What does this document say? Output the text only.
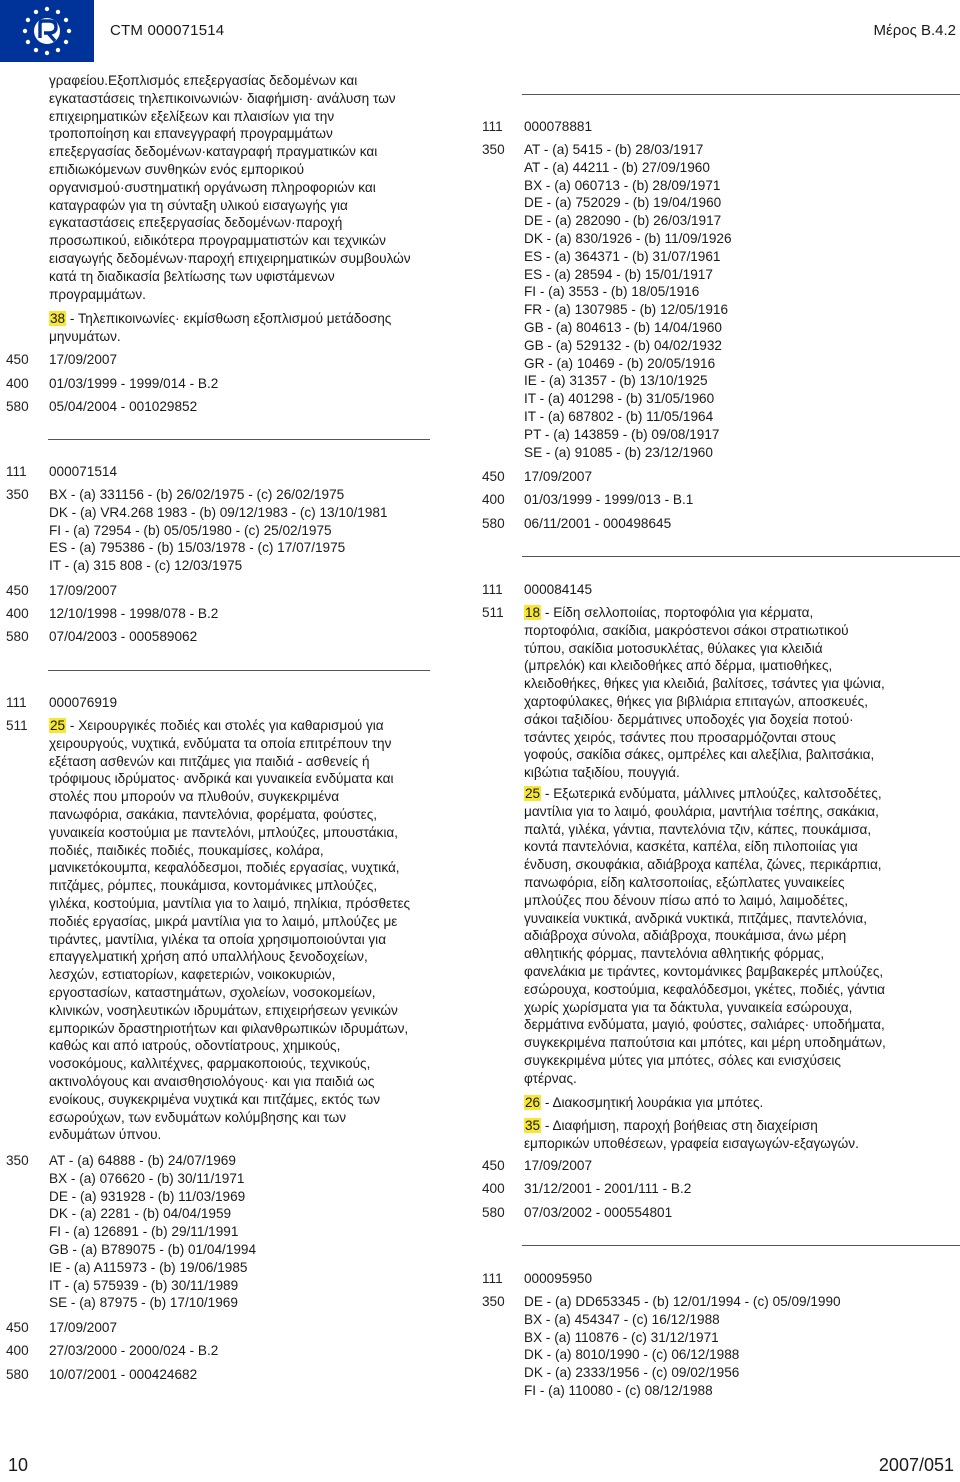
CTM 000071514	Μέρος B.4.2
γραφείου.Εξοπλισμός επεξεργασίας δεδομένων και
εγκαταστάσεις τηλεπικοινωνιών· διαφήμιση· ανάλυση των
επιχειρηματικών εξελίξεων και πλαισίων για την
τροποποίηση και επανεγγραφή προγραμμάτων
επεξεργασίας δεδομένων·καταγραφή πραγματικών και
επιδιωκόμενων συνθηκών ενός εμπορικού
οργανισμού·συστηματική οργάνωση πληροφοριών και
καταγραφών για τη σύνταξη υλικού εισαγωγής για
εγκαταστάσεις επεξεργασίας δεδομένων·παροχή
προσωπικού, ειδικότερα προγραμματιστών και τεχνικών
εισαγωγής δεδομένων·παροχή επιχειρηματικών συμβουλών
κατά τη διαδικασία βελτίωσης των υφιστάμενων
προγραμμάτων.
38 - Τηλεπικοινωνίες· εκμίσθωση εξοπλισμού μετάδοσης
μηνυμάτων.
450 17/09/2007
400 01/03/1999 - 1999/014 - B.2
580 05/04/2004 - 001029852
111 000071514
350 BX - (a) 331156 - (b) 26/02/1975 - (c) 26/02/1975
DK - (a) VR4.268 1983 - (b) 09/12/1983 - (c) 13/10/1981
FI - (a) 72954 - (b) 05/05/1980 - (c) 25/02/1975
ES - (a) 795386 - (b) 15/03/1978 - (c) 17/07/1975
IT - (a) 315 808 - (c) 12/03/1975
450 17/09/2007
400 12/10/1998 - 1998/078 - B.2
580 07/04/2003 - 000589062
111 000076919
511 25 - Χειρουργικές ποδιές και στολές για καθαρισμού για
χειρουργούς, νυχτικά, ενδύματα τα οποία επιτρέπουν την
εξέταση ασθενών και πιτζάμες για παιδιά - ασθενείς ή
τρόφιμους ιδρύματος· ανδρικά και γυναικεία ενδύματα και
στολές που μπορούν να πλυθούν, συγκεκριμένα
πανωφόρια, σακάκια, παντελόνια, φορέματα, φούστες,
γυναικεία κοστούμια με παντελόνι, μπλούζες, μπουστάκια,
ποδιές, παιδικές ποδιές, πουκαμίσες, κολάρα,
μανικετόκουμπα, κεφαλόδεσμοι, ποδιές εργασίας, νυχτικά,
πιτζάμες, ρόμπες, πουκάμισα, κοντομάνικες μπλούζες,
γιλέκα, κοστούμια, μαντίλια για το λαιμό, πηλίκια, πρόσθετες
ποδιές εργασίας, μικρά μαντίλια για το λαιμό, μπλούζες με
τιράντες, μαντίλια, γιλέκα τα οποία χρησιμοποιούνται για
επαγγελματική χρήση από υπαλλήλους ξενοδοχείων,
λεσχών, εστιατορίων, καφετεριών, νοικοκυριών,
εργοστασίων, καταστημάτων, σχολείων, νοσοκομείων,
κλινικών, νοσηλευτικών ιδρυμάτων, επιχειρήσεων γενικών
εμπορικών δραστηριοτήτων και φιλανθρωπικών ιδρυμάτων,
καθώς και από ιατρούς, οδοντίατρους, χημικούς,
νοσοκόμους, καλλιτέχνες, φαρμακοποιούς, τεχνικούς,
ακτινολόγους και αναισθησιολόγους· και για παιδιά ως
ενοίκους, συγκεκριμένα νυχτικά και πιτζάμες, εκτός των
εσωρούχων, των ενδυμάτων κολύμβησης και των
ενδυμάτων ύπνου.
350 AT - (a) 64888 - (b) 24/07/1969
BX - (a) 076620 - (b) 30/11/1971
DE - (a) 931928 - (b) 11/03/1969
DK - (a) 2281 - (b) 04/04/1959
FI - (a) 126891 - (b) 29/11/1991
GB - (a) B789075 - (b) 01/04/1994
IE - (a) A115973 - (b) 19/06/1985
IT - (a) 575939 - (b) 30/11/1989
SE - (a) 87975 - (b) 17/10/1969
450 17/09/2007
400 27/03/2000 - 2000/024 - B.2
580 10/07/2001 - 000424682
111 000078881
350 AT - (a) 5415 - (b) 28/03/1917
AT - (a) 44211 - (b) 27/09/1960
BX - (a) 060713 - (b) 28/09/1971
DE - (a) 752029 - (b) 19/04/1960
DE - (a) 282090 - (b) 26/03/1917
DK - (a) 830/1926 - (b) 11/09/1926
ES - (a) 364371 - (b) 31/07/1961
ES - (a) 28594 - (b) 15/01/1917
FI - (a) 3553 - (b) 18/05/1916
FR - (a) 1307985 - (b) 12/05/1916
GB - (a) 804613 - (b) 14/04/1960
GB - (a) 529132 - (b) 04/02/1932
GR - (a) 10469 - (b) 20/05/1916
IE - (a) 31357 - (b) 13/10/1925
IT - (a) 401298 - (b) 31/05/1960
IT - (a) 687802 - (b) 11/05/1964
PT - (a) 143859 - (b) 09/08/1917
SE - (a) 91085 - (b) 23/12/1960
450 17/09/2007
400 01/03/1999 - 1999/013 - B.1
580 06/11/2001 - 000498645
111 000084145
511 18 - Είδη σελλοποιίας, πορτοφόλια για κέρματα,
πορτοφόλια, σακίδια, μακρόστενοι σάκοι στρατιωτικού
τύπου, σακίδια μοτοσυκλέτας, θύλακες για κλειδιά
(μπρελόκ) και κλειδοθήκες από δέρμα, ιματιοθήκες,
κλειδοθήκες, θήκες για κλειδιά, βαλίτσες, τσάντες για ψώνια,
χαρτοφύλακες, θήκες για βιβλιάρια επιταγών, αποσκευές,
σάκοι ταξιδίου· δερμάτινες υποδοχές για δοχεία ποτού·
τσάντες χειρός, τσάντες που προσαρμόζονται στους
γοφούς, σακίδια σάκες, ομπρέλες και αλεξίλια, βαλιτσάκια,
κιβώτια ταξιδίου, πουγγιά.
25 - Εξωτερικά ενδύματα, μάλλινες μπλούζες, καλτσοδέτες,
μαντίλια για το λαιμό, φουλάρια, μαντήλια τσέπης, σακάκια,
παλτά, γιλέκα, γάντια, παντελόνια τζιν, κάπες, πουκάμισα,
κοντά παντελόνια, κασκέτα, καπέλα, είδη πιλοποιίας για
ένδυση, σκουφάκια, αδιάβροχα καπέλα, ζώνες, περικάρπια,
πανωφόρια, είδη καλτσοποιίας, εξώπλατες γυναικείες
μπλούζες που δένουν πίσω από το λαιμό, λαιμοδέτες,
γυναικεία νυκτικά, ανδρικά νυκτικά, πιτζάμες, παντελόνια,
αδιάβροχα σύνολα, αδιάβροχα, πουκάμισα, άνω μέρη
αθλητικής φόρμας, παντελόνια αθλητικής φόρμας,
φανελάκια με τιράντες, κοντομάνικες βαμβακερές μπλούζες,
εσώρουχα, κοστούμια, κεφαλόδεσμοι, γκέτες, ποδιές, γάντια
χωρίς χωρίσματα για τα δάκτυλα, γυναικεία εσώρουχα,
δερμάτινα ενδύματα, μαγιό, φούστες, σαλιάρες· υποδήματα,
συγκεκριμένα παπούτσια και μπότες, και μέρη υποδημάτων,
συγκεκριμένα μύτες για μπότες, σόλες και ενισχύσεις
φτέρνας.
26 - Διακοσμητική λουράκια για μπότες.
35 - Διαφήμιση, παροχή βοήθειας στη διαχείριση
εμπορικών υποθέσεων, γραφεία εισαγωγών-εξαγωγών.
450 17/09/2007
400 31/12/2001 - 2001/111 - B.2
580 07/03/2002 - 000554801
111 000095950
350 DE - (a) DD653345 - (b) 12/01/1994 - (c) 05/09/1990
BX - (a) 454347 - (c) 16/12/1988
BX - (a) 110876 - (c) 31/12/1971
DK - (a) 8010/1990 - (c) 06/12/1988
DK - (a) 2333/1956 - (c) 09/02/1956
FI - (a) 110080 - (c) 08/12/1988
10	2007/051
